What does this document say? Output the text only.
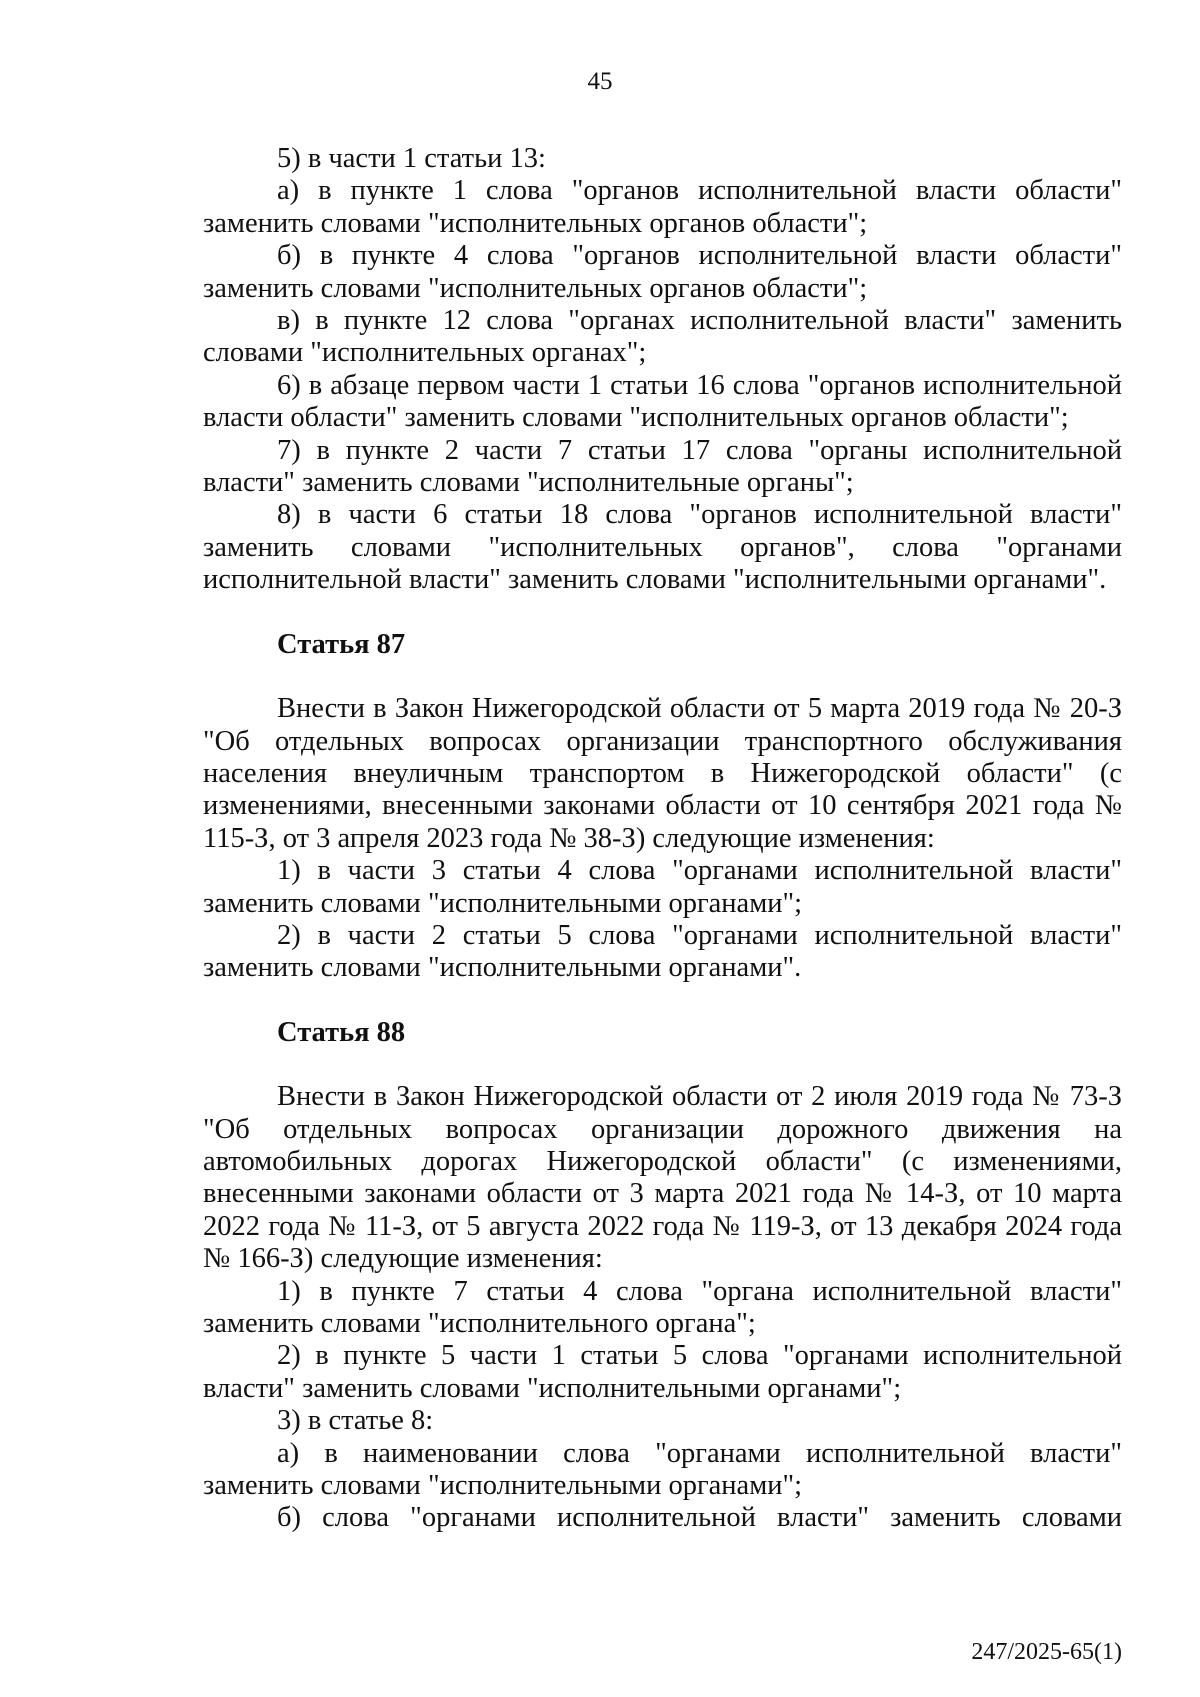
45

5) в части 1 статьи 13:

а) в пункте 1 слова "органов исполнительной власти области" заменить словами "исполнительных органов области";

б) в пункте 4 слова "органов исполнительной власти области" заменить словами "исполнительных органов области";

в) в пункте 12 слова "органах исполнительной власти" заменить словами "исполнительных органах";

6) в абзаце первом части 1 статьи 16 слова "органов исполнительной власти области" заменить словами "исполнительных органов области";

7) в пункте 2 части 7 статьи 17 слова "органы исполнительной власти" заменить словами "исполнительные органы";

8) в части 6 статьи 18 слова "органов исполнительной власти" заменить словами "исполнительных органов", слова "органами исполнительной власти" заменить словами "исполнительными органами".

Статья 87

Внести в Закон Нижегородской области от 5 марта 2019 года № 20-З "Об отдельных вопросах организации транспортного обслуживания населения внеуличным транспортом в Нижегородской области" (с изменениями, внесенными законами области от 10 сентября 2021 года № 115-З, от 3 апреля 2023 года № 38-З) следующие изменения:

1) в части 3 статьи 4 слова "органами исполнительной власти" заменить словами "исполнительными органами";

2) в части 2 статьи 5 слова "органами исполнительной власти" заменить словами "исполнительными органами".

Статья 88

Внести в Закон Нижегородской области от 2 июля 2019 года № 73-З "Об отдельных вопросах организации дорожного движения на автомобильных дорогах Нижегородской области" (с изменениями, внесенными законами области от 3 марта 2021 года № 14-З, от 10 марта 2022 года № 11-З, от 5 августа 2022 года № 119-З, от 13 декабря 2024 года № 166-З) следующие изменения:

1) в пункте 7 статьи 4 слова "органа исполнительной власти" заменить словами "исполнительного органа";

2) в пункте 5 части 1 статьи 5 слова "органами исполнительной власти" заменить словами "исполнительными органами";

3) в статье 8:

а) в наименовании слова "органами исполнительной власти" заменить словами "исполнительными органами";

б) слова "органами исполнительной власти" заменить словами

247/2025-65(1)
